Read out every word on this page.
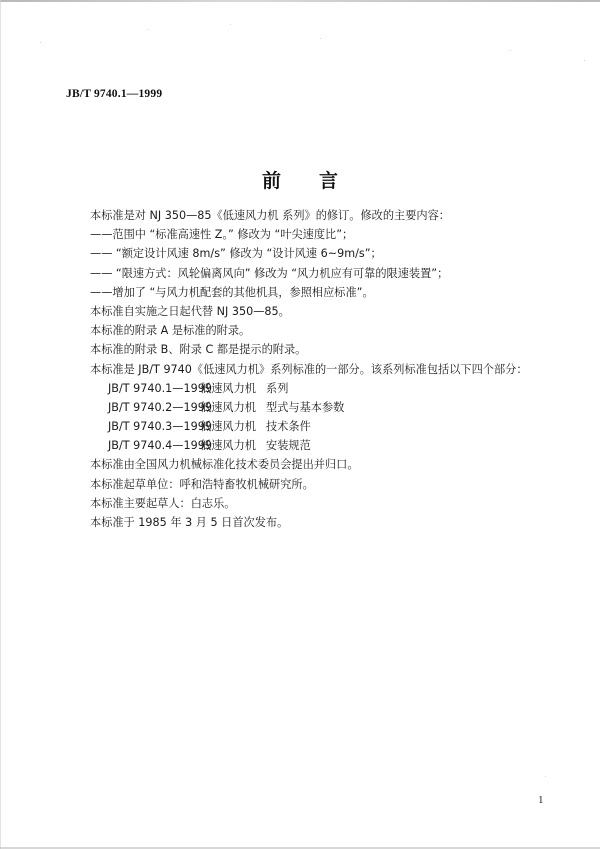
JB/T 9740.1—1999
前 言
本标准是对 NJ 350—85《低速风力机 系列》的修订。修改的主要内容：
——范围中 “标准高速性 Z。” 修改为 “叶尖速度比”；
—— “额定设计风速 8m/s” 修改为 “设计风速 6~9m/s”；
—— “限速方式：风轮偏离风向” 修改为 “风力机应有可靠的限速装置”；
——增加了 “与风力机配套的其他机具，参照相应标准”。
本标准自实施之日起代替 NJ 350—85。
本标准的附录 A 是标准的附录。
本标准的附录 B、附录 C 都是提示的附录。
本标准是 JB/T 9740《低速风力机》系列标准的一部分。该系列标准包括以下四个部分：
JB/T 9740.1—1999低速风力机 系列
JB/T 9740.2—1999低速风力机 型式与基本参数
JB/T 9740.3—1999低速风力机 技术条件
JB/T 9740.4—1999低速风力机 安装规范
本标准由全国风力机械标准化技术委员会提出并归口。
本标准起草单位：呼和浩特畜牧机械研究所。
本标准主要起草人：白志乐。
本标准于 1985 年 3 月 5 日首次发布。
1
